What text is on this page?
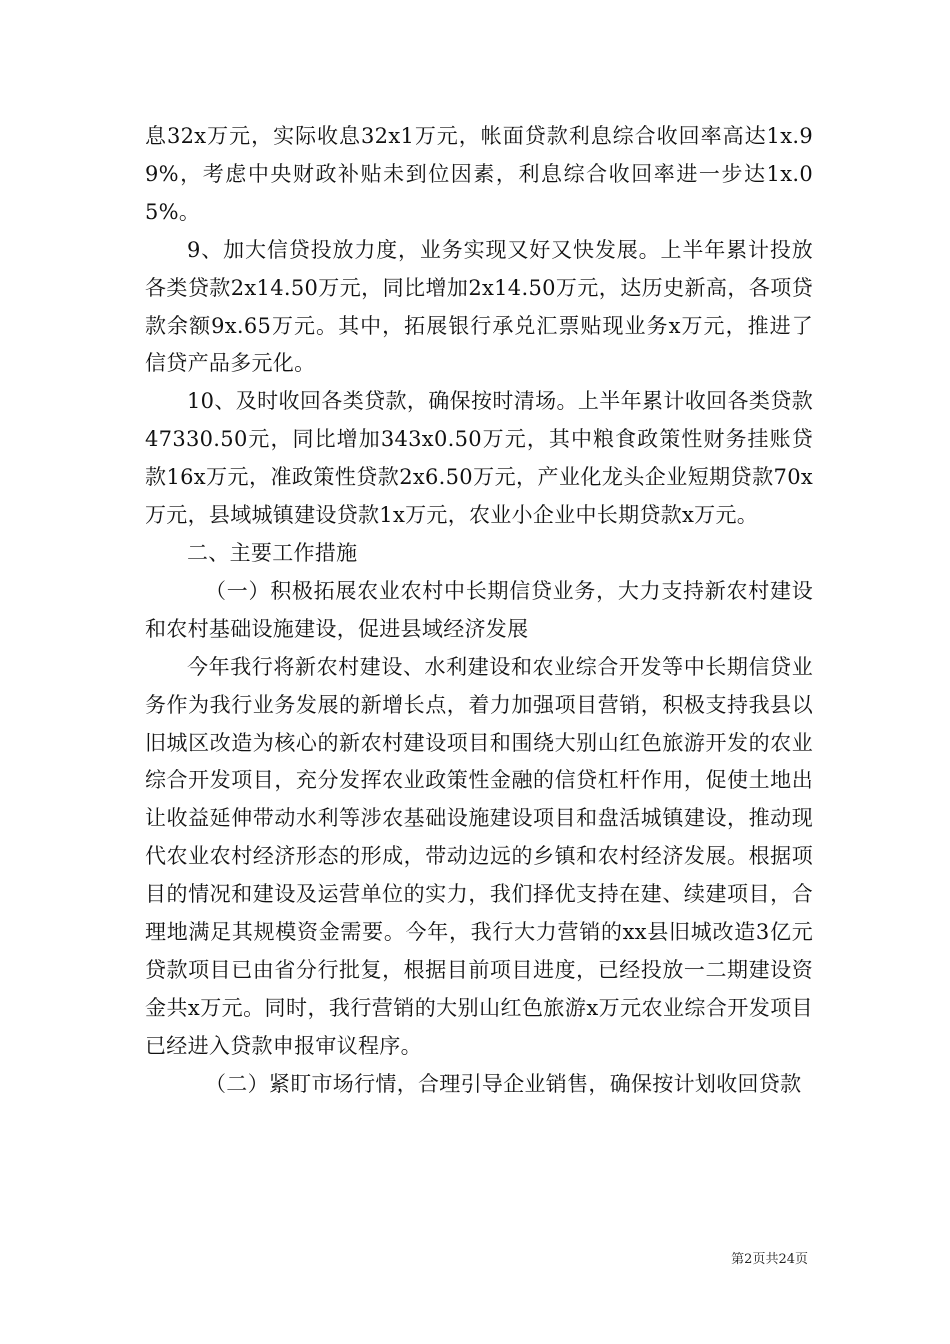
息32x万元，实际收息32x1万元，帐面贷款利息综合收回率高达1x.99%，考虑中央财政补贴未到位因素，利息综合收回率进一步达1x.05%。

9、加大信贷投放力度，业务实现又好又快发展。上半年累计投放各类贷款2x14.50万元，同比增加2x14.50万元，达历史新高，各项贷款余额9x.65万元。其中，拓展银行承兑汇票贴现业务x万元，推进了信贷产品多元化。

10、及时收回各类贷款，确保按时清场。上半年累计收回各类贷款47330.50元，同比增加343x0.50万元，其中粮食政策性财务挂账贷款16x万元，准政策性贷款2x6.50万元，产业化龙头企业短期贷款70x万元，县域城镇建设贷款1x万元，农业小企业中长期贷款x万元。

二、主要工作措施

（一）积极拓展农业农村中长期信贷业务，大力支持新农村建设和农村基础设施建设，促进县域经济发展

今年我行将新农村建设、水利建设和农业综合开发等中长期信贷业务作为我行业务发展的新增长点，着力加强项目营销，积极支持我县以旧城区改造为核心的新农村建设项目和围绕大别山红色旅游开发的农业综合开发项目，充分发挥农业政策性金融的信贷杠杆作用，促使土地出让收益延伸带动水利等涉农基础设施建设项目和盘活城镇建设，推动现代农业农村经济形态的形成，带动边远的乡镇和农村经济发展。根据项目的情况和建设及运营单位的实力，我们择优支持在建、续建项目，合理地满足其规模资金需要。今年，我行大力营销的xx县旧城改造3亿元贷款项目已由省分行批复，根据目前项目进度，已经投放一二期建设资金共x万元。同时，我行营销的大别山红色旅游x万元农业综合开发项目已经进入贷款申报审议程序。

（二）紧盯市场行情，合理引导企业销售，确保按计划收回贷款

第2页共24页
